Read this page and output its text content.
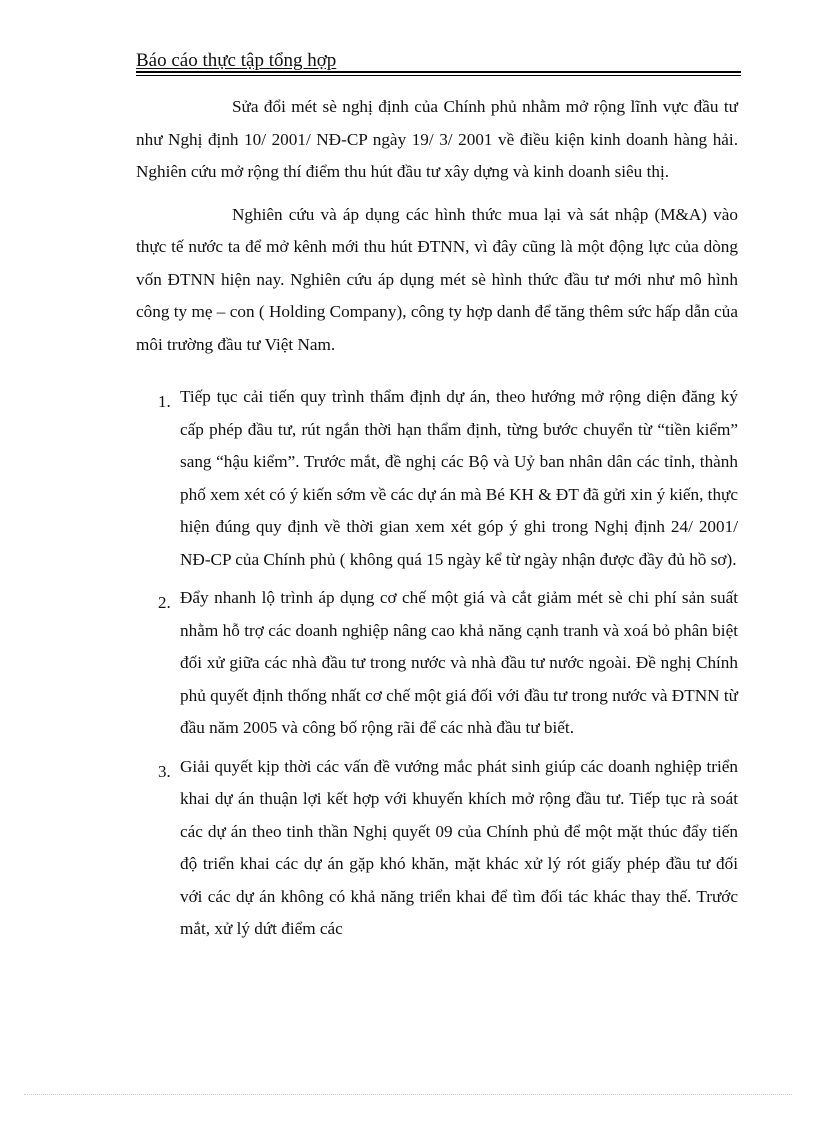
Báo cáo thực tập tổng hợp

Sửa đổi mét sè nghị định của Chính phủ nhằm mở rộng lĩnh vực đầu tư như Nghị định 10/ 2001/ NĐ-CP ngày 19/ 3/ 2001 về điều kiện kinh doanh hàng hải. Nghiên cứu mở rộng thí điểm thu hút đầu tư xây dựng và kinh doanh siêu thị.

Nghiên cứu và áp dụng các hình thức mua lại và sát nhập (M&A) vào thực tế nước ta để mở kênh mới thu hút ĐTNN, vì đây cũng là một động lực của dòng vốn ĐTNN hiện nay. Nghiên cứu áp dụng mét sè hình thức đầu tư mới như mô hình công ty mẹ – con ( Holding Company), công ty hợp danh để tăng thêm sức hấp dẫn của môi trường đầu tư Việt Nam.

1. Tiếp tục cải tiến quy trình thẩm định dự án, theo hướng mở rộng diện đăng ký cấp phép đầu tư, rút ngắn thời hạn thẩm định, từng bước chuyển từ “tiền kiểm” sang “hậu kiểm”. Trước mắt, đề nghị các Bộ và Uỷ ban nhân dân các tỉnh, thành phố xem xét có ý kiến sớm về các dự án mà Bé KH & ĐT đã gửi xin ý kiến, thực hiện đúng quy định về thời gian xem xét góp ý ghi trong Nghị định 24/ 2001/ NĐ-CP của Chính phủ ( không quá 15 ngày kể từ ngày nhận được đầy đủ hồ sơ).
2. Đẩy nhanh lộ trình áp dụng cơ chế một giá và cắt giảm mét sè chi phí sản suất nhằm hỗ trợ các doanh nghiệp nâng cao khả năng cạnh tranh và xoá bỏ phân biệt đối xử giữa các nhà đầu tư trong nước và nhà đầu tư nước ngoài. Đề nghị Chính phủ quyết định thống nhất cơ chế một giá đối với đầu tư trong nước và ĐTNN từ đầu năm 2005 và công bố rộng rãi để các nhà đầu tư biết.
3. Giải quyết kịp thời các vấn đề vướng mắc phát sinh giúp các doanh nghiệp triển khai dự án thuận lợi kết hợp với khuyến khích mở rộng đầu tư. Tiếp tục rà soát các dự án theo tinh thần Nghị quyết 09 của Chính phủ để một mặt thúc đẩy tiến độ triển khai các dự án gặp khó khăn, mặt khác xử lý rót giấy phép đầu tư đối với các dự án không có khả năng triển khai để tìm đối tác khác thay thế. Trước mắt, xử lý dứt điểm các
